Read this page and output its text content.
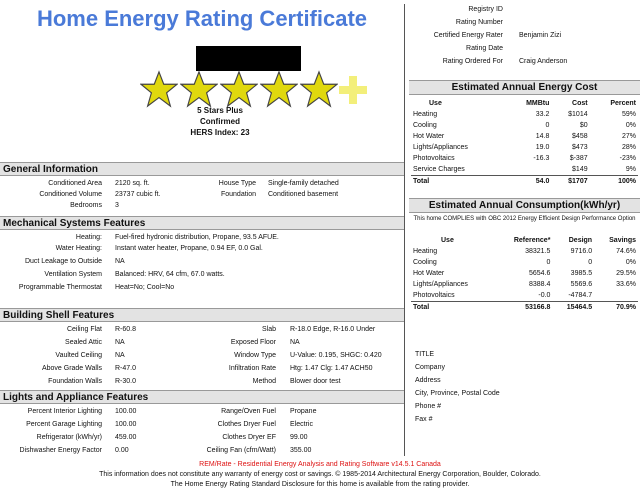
Home Energy Rating Certificate
5 Stars Plus
Confirmed
HERS Index: 23
General Information
Conditioned Area 2120 sq. ft.	House Type Single-family detached
Conditioned Volume 23737 cubic ft.	Foundation Conditioned basement
Bedrooms 3
Mechanical Systems Features
Heating: Fuel-fired hydronic distribution, Propane, 93.5 AFUE.
Water Heating: Instant water heater, Propane, 0.94 EF, 0.0 Gal.
Duct Leakage to Outside NA
Ventilation System Balanced: HRV, 64 cfm, 67.0 watts.
Programmable Thermostat Heat=No; Cool=No
Building Shell Features
Ceiling Flat R-60.8	Slab R-18.0 Edge, R-16.0 Under
Sealed Attic NA	Exposed Floor NA
Vaulted Ceiling NA	Window Type U-Value: 0.195, SHGC: 0.420
Above Grade Walls R-47.0	Infiltration Rate Htg: 1.47 Clg: 1.47 ACH50
Foundation Walls R-30.0	Method Blower door test
Lights and Appliance Features
Percent Interior Lighting 100.00	Range/Oven Fuel Propane
Percent Garage Lighting 100.00	Clothes Dryer Fuel Electric
Refrigerator (kWh/yr) 459.00	Clothes Dryer EF 99.00
Dishwasher Energy Factor 0.00	Ceiling Fan (cfm/Watt) 355.00
Registry ID
Rating Number
Certified Energy Rater Benjamin Zizi
Rating Date
Rating Ordered For Craig Anderson
Estimated Annual Energy Cost
Use	MMBtu	Cost	Percent
Heating	33.2	$1014	59%
Cooling	0	$0	0%
Hot Water	14.8	$458	27%
Lights/Appliances	19.0	$473	28%
Photovoltaics	-16.3	$-387	-23%
Service Charges		$149	9%
Total	54.0	$1707	100%
Estimated Annual Consumption(kWh/yr)
This home COMPLIES with OBC 2012 Energy Efficient Design Performance Option
Use	Reference*	Design	Savings
Heating	38321.5	9716.0	74.6%
Cooling	0	0	0%
Hot Water	5654.6	3985.5	29.5%
Lights/Appliances	8388.4	5569.6	33.6%
Photovoltaics	-0.0	-4784.7	
Total	53166.8	15464.5	70.9%
TITLE
Company
Address
City, Province, Postal Code
Phone #
Fax #
REM/Rate - Residential Energy Analysis and Rating Software v14.5.1 Canada
This information does not constitute any warranty of energy cost or savings. © 1985-2014 Architectural Energy Corporation, Boulder, Colorado.
The Home Energy Rating Standard Disclosure for this home is available from the rating provider.
